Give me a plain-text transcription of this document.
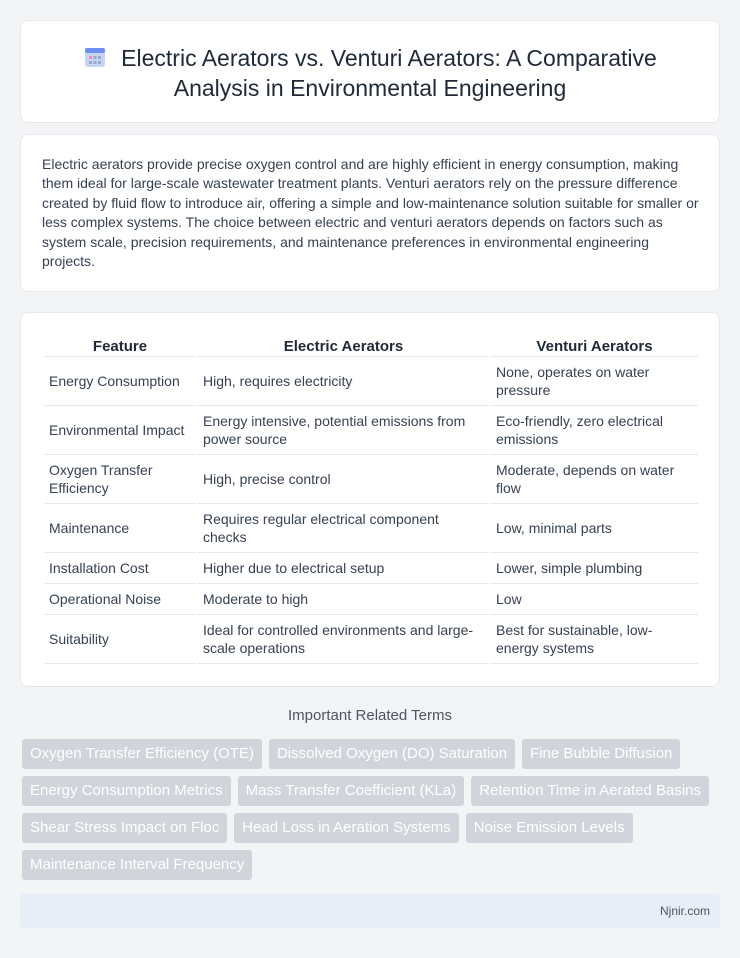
Electric Aerators vs. Venturi Aerators: A Comparative
Analysis in Environmental Engineering

Electric aerators provide precise oxygen control and are highly efficient in energy consumption, making them ideal for large-scale wastewater treatment plants. Venturi aerators rely on the pressure difference created by fluid flow to introduce air, offering a simple and low-maintenance solution suitable for smaller or less complex systems. The choice between electric and venturi aerators depends on factors such as system scale, precision requirements, and maintenance preferences in environmental engineering projects.

Feature	Electric Aerators	Venturi Aerators
Energy Consumption	High, requires electricity	None, operates on water pressure
Environmental Impact	Energy intensive, potential emissions from power source	Eco-friendly, zero electrical emissions
Oxygen Transfer Efficiency	High, precise control	Moderate, depends on water flow
Maintenance	Requires regular electrical component checks	Low, minimal parts
Installation Cost	Higher due to electrical setup	Lower, simple plumbing
Operational Noise	Moderate to high	Low
Suitability	Ideal for controlled environments and large-scale operations	Best for sustainable, low-energy systems
Important Related Terms
Oxygen Transfer Efficiency (OTE)	Dissolved Oxygen (DO) Saturation	Fine Bubble Diffusion
Energy Consumption Metrics	Mass Transfer Coefficient (KLa)	Retention Time in Aerated Basins
Shear Stress Impact on Floc	Head Loss in Aeration Systems	Noise Emission Levels
Maintenance Interval Frequency
Njnir.com
